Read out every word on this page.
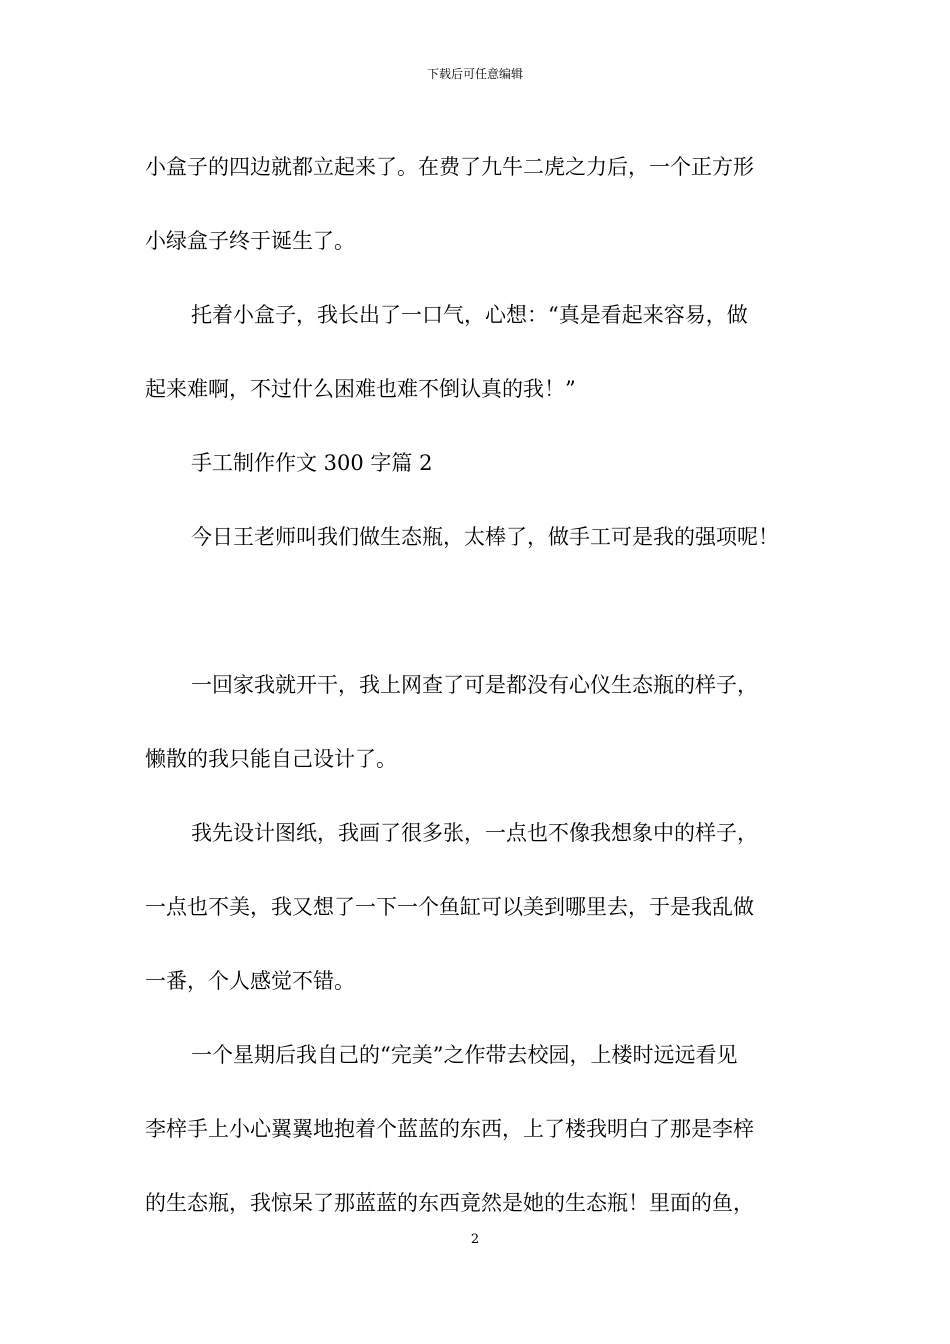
下载后可任意编辑
小盒子的四边就都立起来了。在费了九牛二虎之力后，一个正方形
小绿盒子终于诞生了。
托着小盒子，我长出了一口气，心想：“真是看起来容易，做
起来难啊，不过什么困难也难不倒认真的我！”
手工制作作文 300 字篇 2
今日王老师叫我们做生态瓶，太棒了，做手工可是我的强项呢！
一回家我就开干，我上网查了可是都没有心仪生态瓶的样子，
懒散的我只能自己设计了。
我先设计图纸，我画了很多张，一点也不像我想象中的样子，
一点也不美，我又想了一下一个鱼缸可以美到哪里去，于是我乱做
一番，个人感觉不错。
一个星期后我自己的“完美”之作带去校园，上楼时远远看见
李梓手上小心翼翼地抱着个蓝蓝的东西，上了楼我明白了那是李梓
的生态瓶，我惊呆了那蓝蓝的东西竟然是她的生态瓶！里面的鱼，
2
